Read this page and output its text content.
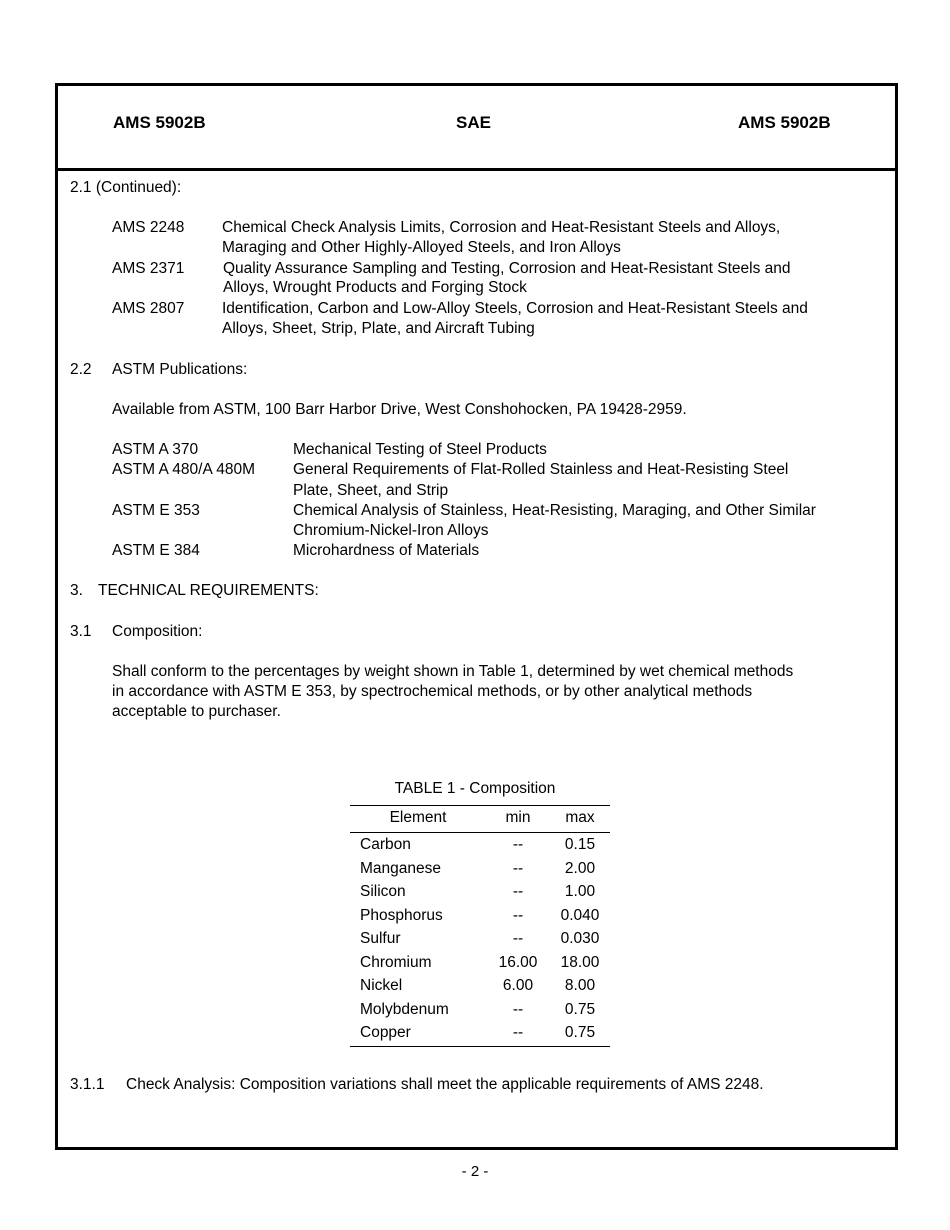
AMS 5902B	SAE	AMS 5902B
2.1 (Continued):
AMS 2248 Chemical Check Analysis Limits, Corrosion and Heat-Resistant Steels and Alloys,
Maraging and Other Highly-Alloyed Steels, and Iron Alloys
AMS 2371 Quality Assurance Sampling and Testing, Corrosion and Heat-Resistant Steels and
Alloys, Wrought Products and Forging Stock
AMS 2807 Identification, Carbon and Low-Alloy Steels, Corrosion and Heat-Resistant Steels and
Alloys, Sheet, Strip, Plate, and Aircraft Tubing
2.2 ASTM Publications:
Available from ASTM, 100 Barr Harbor Drive, West Conshohocken, PA 19428-2959.
ASTM A 370	Mechanical Testing of Steel Products
ASTM A 480/A 480M General Requirements of Flat-Rolled Stainless and Heat-Resisting Steel
Plate, Sheet, and Strip
ASTM E 353	Chemical Analysis of Stainless, Heat-Resisting, Maraging, and Other Similar
Chromium-Nickel-Iron Alloys
ASTM E 384	Microhardness of Materials
3. TECHNICAL REQUIREMENTS:
3.1 Composition:
Shall conform to the percentages by weight shown in Table 1, determined by wet chemical methods
in accordance with ASTM E 353, by spectrochemical methods, or by other analytical methods
acceptable to purchaser.
TABLE 1 - Composition
Element	min	max
Carbon	--	0.15
Manganese	--	2.00
Silicon	--	1.00
Phosphorus	--	0.040
Sulfur	--	0.030
Chromium	16.00	18.00
Nickel	6.00	8.00
Molybdenum	--	0.75
Copper	--	0.75
3.1.1 Check Analysis: Composition variations shall meet the applicable requirements of AMS 2248.
- 2 -
